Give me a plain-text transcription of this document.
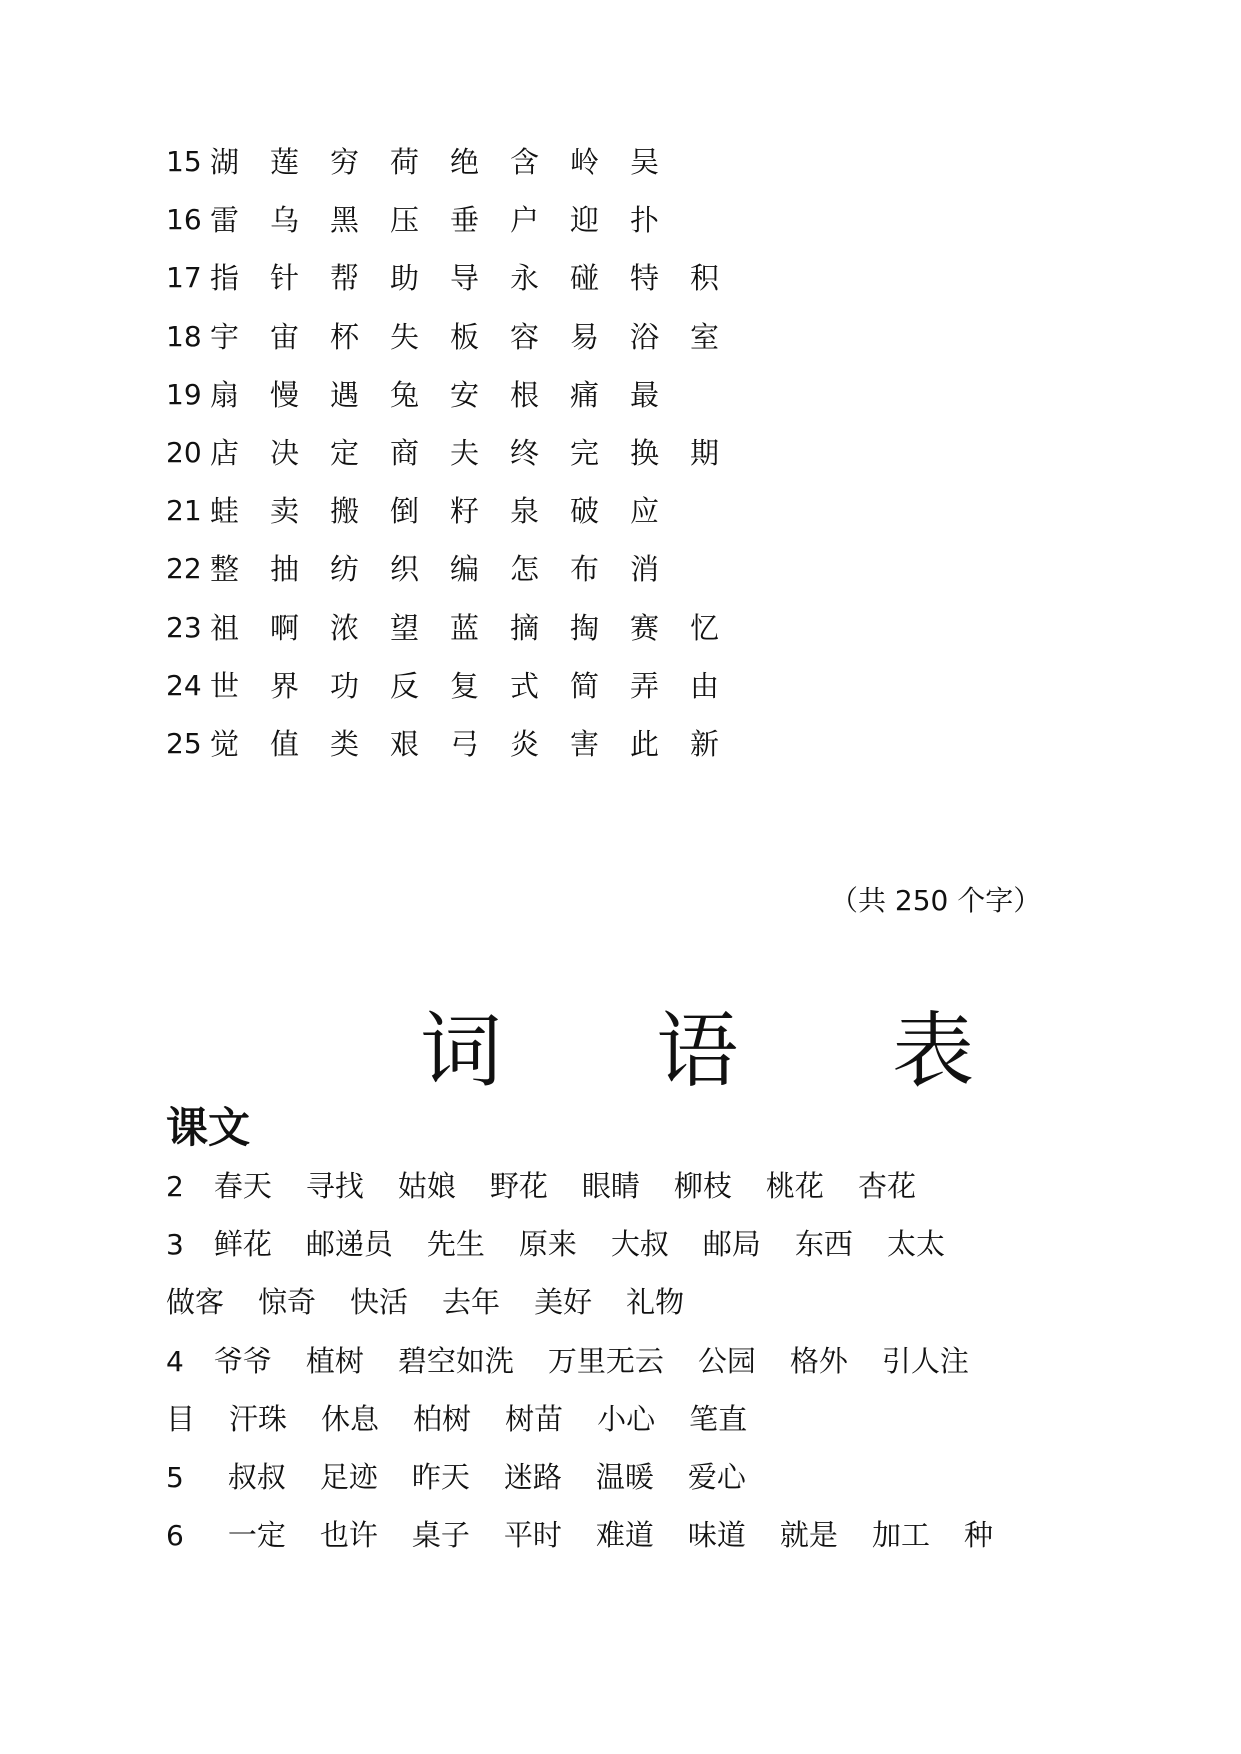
15 湖	莲	穷	荷	绝	含	岭	吴
16 雷	乌	黑	压	垂	户	迎	扑
17 指	针	帮	助	导	永	碰	特	积
18 宇	宙	杯	失	板	容	易	浴	室
19 扇	慢	遇	兔	安	根	痛	最
20 店	决	定	商	夫	终	完	换	期
21 蛙	卖	搬	倒	籽	泉	破	应
22 整	抽	纺	织	编	怎	布	消
23 祖	啊	浓	望	蓝	摘	掏	赛	忆
24 世	界	功	反	复	式	简	弄	由
25 觉	值	类	艰	弓	炎	害	此	新
（共 250 个字）
词 语 表
课文
2 春天 寻找 姑娘 野花 眼睛 柳枝 桃花 杏花
3 鲜花 邮递员 先生 原来 大叔 邮局 东西 太太
做客 惊奇 快活 去年 美好 礼物
4 爷爷 植树 碧空如洗 万里无云 公园 格外 引人注
目 汗珠 休息 柏树 树苗 小心 笔直
5 叔叔 足迹 昨天 迷路 温暖 爱心
6 一定 也许 桌子 平时 难道 味道 就是 加工 种
